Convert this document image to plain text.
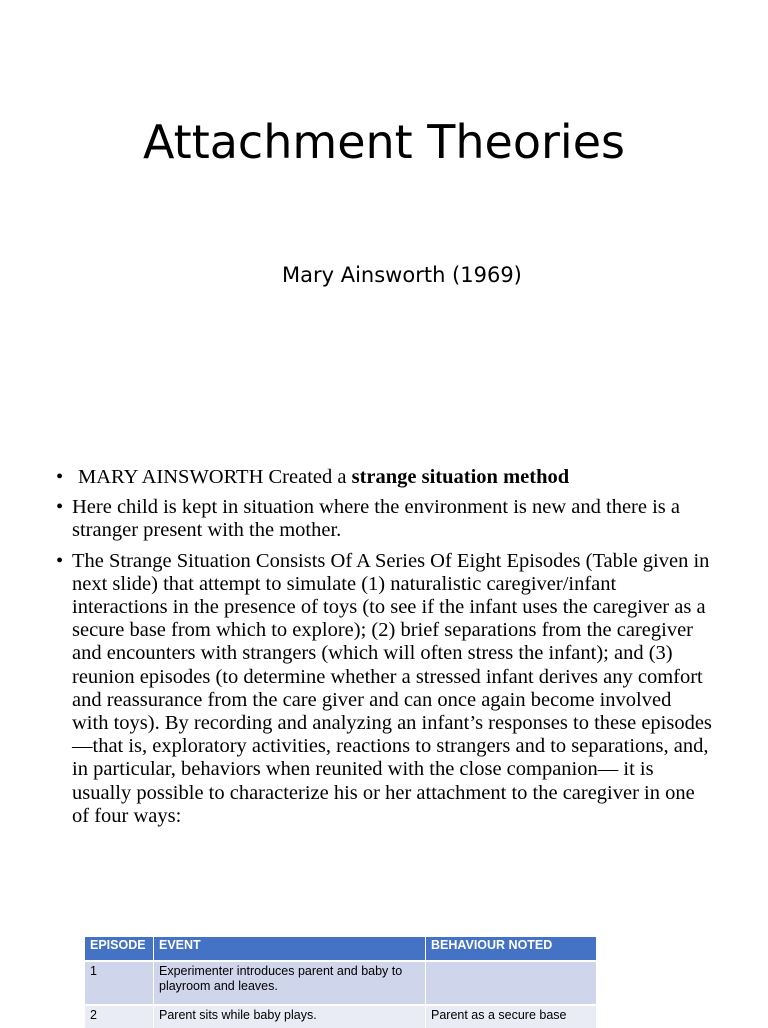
Attachment Theories
Mary Ainsworth (1969)
• MARY AINSWORTH Created a strange situation method
• Here child is kept in situation where the environment is new and there is a stranger present with the mother.
• The Strange Situation Consists Of A Series Of Eight Episodes (Table given in next slide) that attempt to simulate (1) naturalistic caregiver/infant interactions in the presence of toys (to see if the infant uses the caregiver as a secure base from which to explore); (2) brief separations from the caregiver and encounters with strangers (which will often stress the infant); and (3) reunion episodes (to determine whether a stressed infant derives any comfort and reassurance from the care giver and can once again become involved with toys). By recording and analyzing an infant’s responses to these episodes—that is, exploratory activities, reactions to strangers and to separations, and, in particular, behaviors when reunited with the close companion— it is usually possible to characterize his or her attachment to the caregiver in one of four ways:
EPISODE	EVENT	BEHAVIOUR NOTED
1	Experimenter introduces parent and baby to playroom and leaves.	
2	Parent sits while baby plays.	Parent as a secure base
